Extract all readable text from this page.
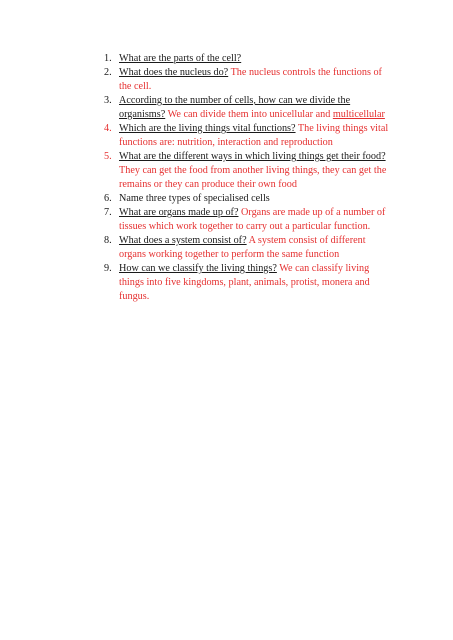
1. What are the parts of the cell?
2. What does the nucleus do? The nucleus controls the functions of the cell.
3. According to the number of cells, how can we divide the organisms? We can divide them into unicellular and multicellular
4. Which are the living things vital functions? The living things vital functions are: nutrition, interaction and reproduction
5. What are the different ways in which living things get their food? They can get the food from another living things, they can get the remains or they can produce their own food
6. Name three types of specialised cells
7. What are organs made up of? Organs are made up of a number of tissues which work together to carry out a particular function.
8. What does a system consist of? A system consist of different organs working together to perform the same function
9. How can we classify the living things? We can classify living things into five kingdoms, plant, animals, protist, monera and fungus.
